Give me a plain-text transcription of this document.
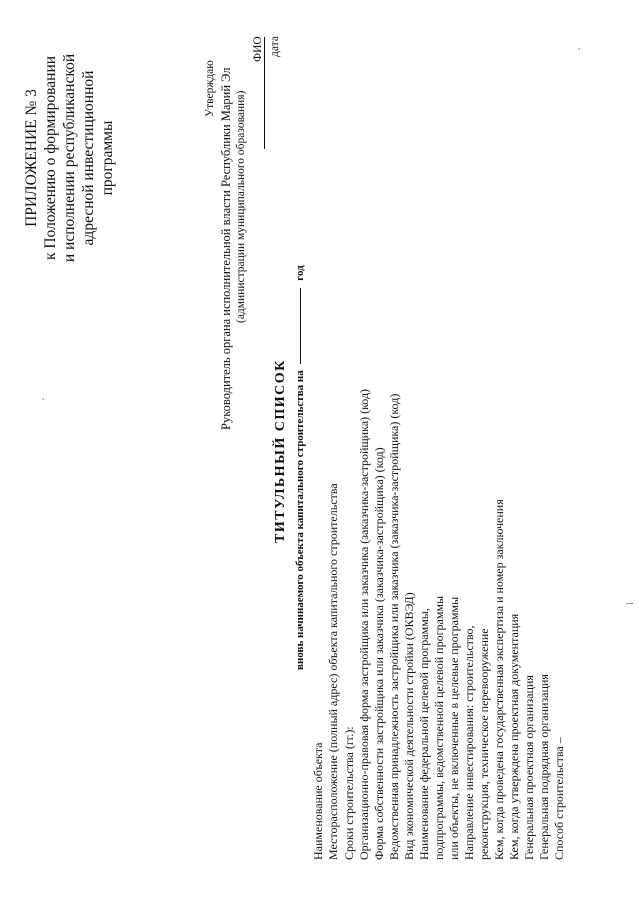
ПРИЛОЖЕНИЕ № 3 к Положению о формировании и исполнении республиканской адресной инвестиционной программы
Утверждаю Руководитель органа исполнительной власти Республики Марий Эл (администрации муниципального образования)
ФИО дата
ТИТУЛЬНЫЙ СПИСОК вновь начинаемого объекта капитального строительства на  год
Наименование объекта Месторасположение (полный адрес) объекта капитального строительства Сроки строительства (гг.): Организационно-правовая форма застройщика или заказчика (заказчика-застройщика) (код) Форма собственности застройщика или заказчика (заказчика-застройщика) (код) Ведомственная принадлежность застройщика или заказчика (заказчика-застройщика) (код) Вид экономической деятельности стройки (ОКВЭД) Наименование федеральной целевой программы, подпрограммы, ведомственной целевой программы или объекты, не включенные в целевые программы Направление инвестирования: строительство, реконструкция, техническое перевооружение Кем, когда проведена государственная экспертиза и номер заключения Кем, когда утверждена проектная документация Генеральная проектная организация Генеральная подрядная организация Способ строительства –
I
